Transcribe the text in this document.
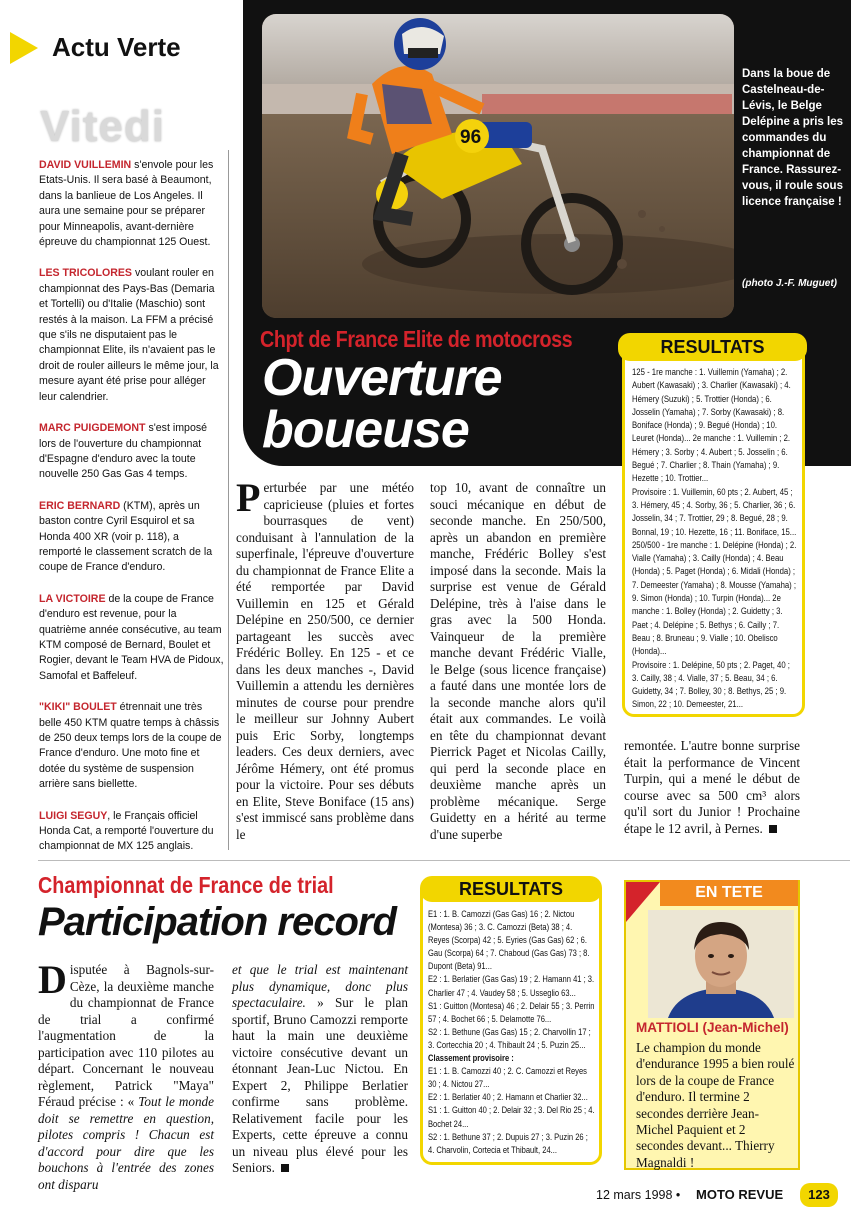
Actu Verte
Vitedi

DAVID VUILLEMIN s'envole pour les Etats-Unis. Il sera basé à Beaumont, dans la banlieue de Los Angeles. Il aura une semaine pour se préparer pour Minneapolis, avant-dernière épreuve du championnat 125 Ouest.

LES TRICOLORES voulant rouler en championnat des Pays-Bas (Demaria et Tortelli) ou d'Italie (Maschio) sont restés à la maison. La FFM a précisé que s'ils ne disputaient pas le championnat Elite, ils n'avaient pas le droit de rouler ailleurs le même jour, la mesure ayant été prise pour alléger leur calendrier.

MARC PUIGDEMONT s'est imposé lors de l'ouverture du championnat d'Espagne d'enduro avec la toute nouvelle 250 Gas Gas 4 temps.

ERIC BERNARD (KTM), après un baston contre Cyril Esquirol et sa Honda 400 XR (voir p. 118), a remporté le classement scratch de la coupe de France d'enduro.

LA VICTOIRE de la coupe de France d'enduro est revenue, pour la quatrième année consécutive, au team KTM composé de Bernard, Boulet et Rogier, devant le Team HVA de Pidoux, Samofal et Baffeleuf.

"KIKI" BOULET étrennait une très belle 450 KTM quatre temps à châssis de 250 deux temps lors de la coupe de France d'enduro. Une moto fine et dotée du système de suspension arrière sans biellette.

LUIGI SEGUY, le Français officiel Honda Cat, a remporté l'ouverture du championnat de MX 125 anglais.

96
Dans la boue de Castelneau-de-Lévis, le Belge Delépine a pris les commandes du championnat de France. Rassurez-vous, il roule sous licence française !
(photo J.-F. Muguet)
Chpt de France Elite de motocross
Ouverture
boueuse
RESULTATS
125 - 1re manche : 1. Vuillemin (Yamaha) ; 2. Aubert (Kawasaki) ; 3. Charlier (Kawasaki) ; 4. Hémery (Suzuki) ; 5. Trottier (Honda) ; 6. Josselin (Yamaha) ; 7. Sorby (Kawasaki) ; 8. Boniface (Honda) ; 9. Begué (Honda) ; 10. Leuret (Honda)... 2e manche : 1. Vuillemin ; 2. Hémery ; 3. Sorby ; 4. Aubert ; 5. Josselin ; 6. Begué ; 7. Charlier ; 8. Thain (Yamaha) ; 9. Hezette ; 10. Trottier...
Provisoire : 1. Vuillemin, 60 pts ; 2. Aubert, 45 ; 3. Hémery, 45 ; 4. Sorby, 36 ; 5. Charlier, 36 ; 6. Josselin, 34 ; 7. Trottier, 29 ; 8. Begué, 28 ; 9. Bonnal, 19 ; 10. Hezette, 16 ; 11. Boniface, 15...
250/500 - 1re manche : 1. Delépine (Honda) ; 2. Vialle (Yamaha) ; 3. Cailly (Honda) ; 4. Beau (Honda) ; 5. Paget (Honda) ; 6. Midali (Honda) ; 7. Demeester (Yamaha) ; 8. Mousse (Yamaha) ; 9. Simon (Honda) ; 10. Turpin (Honda)... 2e manche : 1. Bolley (Honda) ; 2. Guidetty ; 3. Paet ; 4. Delépine ; 5. Bethys ; 6. Cailly ; 7. Beau ; 8. Bruneau ; 9. Vialle ; 10. Obelisco (Honda)...
Provisoire : 1. Delépine, 50 pts ; 2. Paget, 40 ; 3. Cailly, 38 ; 4. Vialle, 37 ; 5. Beau, 34 ; 6. Guidetty, 34 ; 7. Bolley, 30 ; 8. Bethys, 25 ; 9. Simon, 22 ; 10. Demeester, 21...
Perturbée par une météo capricieuse (pluies et fortes bourrasques de vent) conduisant à l'annulation de la superfinale, l'épreuve d'ouverture du championnat de France Elite a été remportée par David Vuillemin en 125 et Gérald Delépine en 250/500, ce dernier partageant les succès avec Frédéric Bolley. En 125 - et ce dans les deux manches -, David Vuillemin a attendu les dernières minutes de course pour prendre le meilleur sur Johnny Aubert puis Eric Sorby, longtemps leaders. Ces deux derniers, avec Jérôme Hémery, ont été promus pour la victoire. Pour ses débuts en Elite, Steve Boniface (15 ans) s'est immiscé sans problème dans le
top 10, avant de connaître un souci mécanique en début de seconde manche. En 250/500, après un abandon en première manche, Frédéric Bolley s'est imposé dans la seconde. Mais la surprise est venue de Gérald Delépine, très à l'aise dans le gras avec la 500 Honda. Vainqueur de la première manche devant Frédéric Vialle, le Belge (sous licence française) a fauté dans une montée lors de la seconde manche alors qu'il était aux commandes. Le voilà en tête du championnat devant Pierrick Paget et Nicolas Cailly, qui perd la seconde place en deuxième manche après un problème mécanique. Serge Guidetty en a hérité au terme d'une superbe
remontée. L'autre bonne surprise était la performance de Vincent Turpin, qui a mené le début de course avec sa 500 cm³ alors qu'il sort du Junior ! Prochaine étape le 12 avril, à Pernes.
Championnat de France de trial
Participation record
Disputée à Bagnols-sur-Cèze, la deuxième manche du championnat de France de trial a confirmé l'augmentation de la participation avec 110 pilotes au départ. Concernant le nouveau règlement, Patrick "Maya" Féraud précise : « Tout le monde doit se remettre en question, pilotes compris ! Chacun est d'accord pour dire que les bouchons à l'entrée des zones ont disparu
et que le trial est maintenant plus dynamique, donc plus spectaculaire. » Sur le plan sportif, Bruno Camozzi remporte haut la main une deuxième victoire consécutive devant un étonnant Jean-Luc Nictou. En Expert 2, Philippe Berlatier confirme sans problème. Relativement facile pour les Experts, cette épreuve a connu un niveau plus élevé pour les Seniors.
RESULTATS
E1 : 1. B. Camozzi (Gas Gas) 16 ; 2. Nictou (Montesa) 36 ; 3. C. Camozzi (Beta) 38 ; 4. Reyes (Scorpa) 42 ; 5. Eyries (Gas Gas) 62 ; 6. Gau (Scorpa) 64 ; 7. Chaboud (Gas Gas) 73 ; 8. Dupont (Beta) 91...
E2 : 1. Berlatier (Gas Gas) 19 ; 2. Hamann 41 ; 3. Charlier 47 ; 4. Vaudey 58 ; 5. Usseglio 63...
S1 : Guitton (Montesa) 46 ; 2. Delair 55 ; 3. Perrin 57 ; 4. Bochet 66 ; 5. Delamotte 76...
S2 : 1. Bethune (Gas Gas) 15 ; 2. Charvollin 17 ; 3. Cortecchia 20 ; 4. Thibault 24 ; 5. Puzin 25...
Classement provisoire :
E1 : 1. B. Camozzi 40 ; 2. C. Camozzi et Reyes 30 ; 4. Nictou 27...
E2 : 1. Berlatier 40 ; 2. Hamann et Charlier 32...
S1 : 1. Guitton 40 ; 2. Delair 32 ; 3. Del Rio 25 ; 4. Bochet 24...
S2 : 1. Bethune 37 ; 2. Dupuis 27 ; 3. Puzin 26 ; 4. Charvolin, Cortecia et Thibault, 24...
EN TETE
MATTIOLI (Jean-Michel)
Le champion du monde d'endurance 1995 a bien roulé lors de la coupe de France d'enduro. Il termine 2 secondes derrière Jean-Michel Paquient et 2 secondes devant... Thierry Magnaldi !
12 mars 1998 • MOTO REVUE	123
